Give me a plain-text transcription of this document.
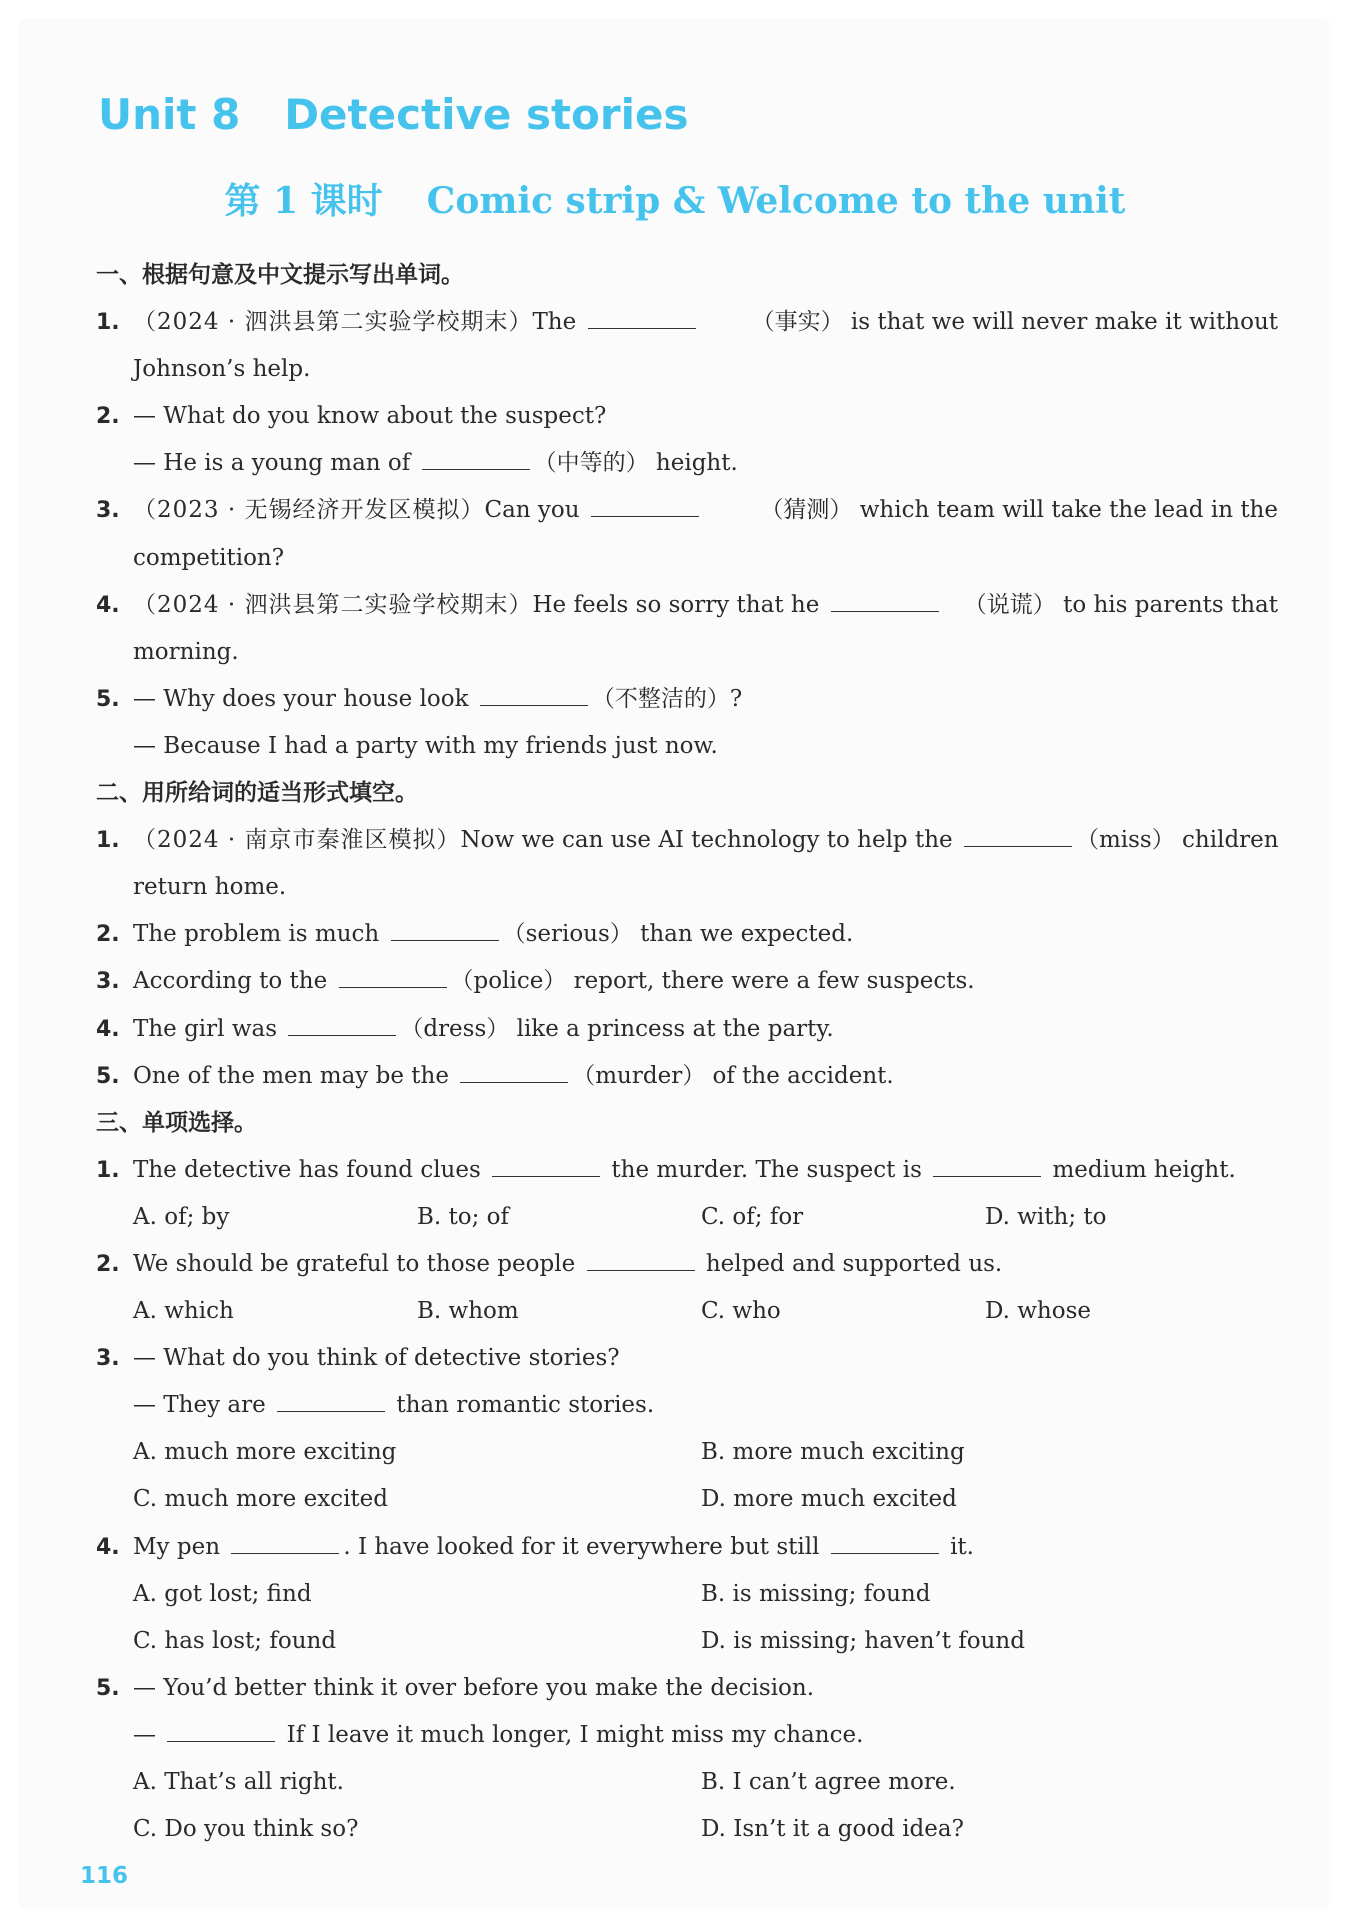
Unit 8   Detective stories
第 1 课时 Comic strip & Welcome to the unit
一、根据句意及中文提示写出单词。
1. （2024 · 泗洪县第二实验学校期末）The	（事实） is that we will never make it without
Johnson’s help.
2. — What do you know about the suspect?
— He is a young man of	（中等的） height.
3. （2023 · 无锡经济开发区模拟）Can you	（猜测） which team will take the lead in the
competition?
4. （2024 · 泗洪县第二实验学校期末）He feels so sorry that he	（说谎） to his parents that
morning.
5. — Why does your house look	（不整洁的）?
— Because I had a party with my friends just now.
二、用所给词的适当形式填空。
1. （2024 · 南京市秦淮区模拟）Now we can use AI technology to help the	（miss） children
return home.
2. The problem is much	（serious） than we expected.
3. According to the	（police） report, there were a few suspects.
4. The girl was	（dress） like a princess at the party.
5. One of the men may be the	（murder） of the accident.
三、单项选择。
1. The detective has found clues	the murder. The suspect is	medium height.
A. of; by	B. to; of	C. of; for	D. with; to
2. We should be grateful to those people	helped and supported us.
A. which	B. whom	C. who	D. whose
3. — What do you think of detective stories?
— They are	than romantic stories.
A. much more exciting	B. more much exciting
C. much more excited	D. more much excited
4. My pen	. I have looked for it everywhere but still	it.
A. got lost; find	B. is missing; found
C. has lost; found	D. is missing; haven’t found
5. — You’d better think it over before you make the decision.
—	If I leave it much longer, I might miss my chance.
A. That’s all right.	B. I can’t agree more.
C. Do you think so?	D. Isn’t it a good idea?
116
